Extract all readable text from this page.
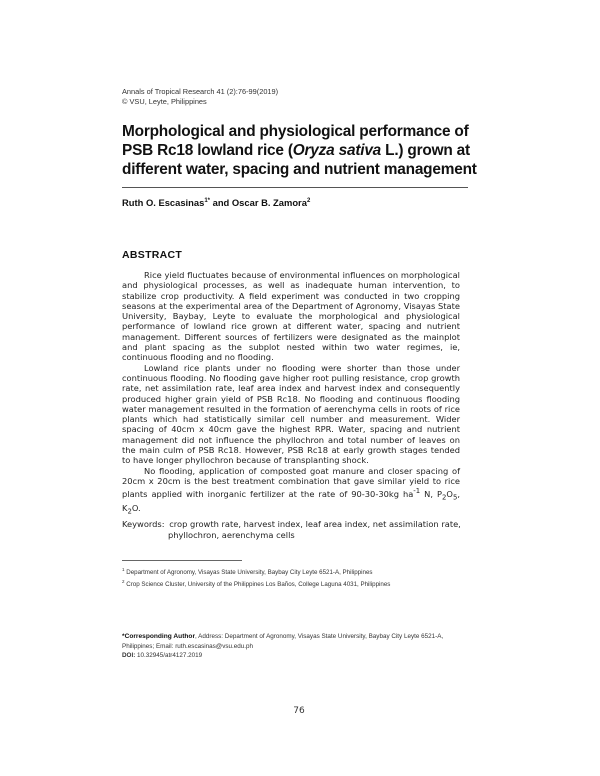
Annals of Tropical Research 41 (2):76-99(2019)
© VSU, Leyte, Philippines
Morphological and physiological performance of PSB Rc18 lowland rice (Oryza sativa L.) grown at different water, spacing and nutrient management
Ruth O. Escasinas$^{1*}$ and Oscar B. Zamora$^2$
ABSTRACT

Rice yield fluctuates because of environmental influences on morphological and physiological processes, as well as inadequate human intervention, to stabilize crop productivity. A field experiment was conducted in two cropping seasons at the experimental area of the Department of Agronomy, Visayas State University, Baybay, Leyte to evaluate the morphological and physiological performance of lowland rice grown at different water, spacing and nutrient management. Different sources of fertilizers were designated as the mainplot and plant spacing as the subplot nested within two water regimes, ie, continuous flooding and no flooding.

Lowland rice plants under no flooding were shorter than those under continuous flooding. No flooding gave higher root pulling resistance, crop growth rate, net assimilation rate, leaf area index and harvest index and consequently produced higher grain yield of PSB Rc18. No flooding and continuous flooding water management resulted in the formation of aerenchyma cells in roots of rice plants which had statistically similar cell number and measurement. Wider spacing of 40cm x 40cm gave the highest RPR. Water, spacing and nutrient management did not influence the phyllochron and total number of leaves on the main culm of PSB Rc18. However, PSB Rc18 at early growth stages tended to have longer phyllochron because of transplanting shock.

No flooding, application of composted goat manure and closer spacing of 20cm x 20cm is the best treatment combination that gave similar yield to rice plants applied with inorganic fertilizer at the rate of 90-30-30kg $ha^{-1}$ N, $P_2O_5$, $K_2O$.

Keywords: crop growth rate, harvest index, leaf area index, net assimilation rate,
phyllochron, aerenchyma cells
$^1$ Department of Agronomy, Visayas State University, Baybay City Leyte 6521-A, Philippines
$^2$ Crop Science Cluster, University of the Philippines Los Baños, College Laguna 4031, Philippines
*Corresponding Author, Address: Department of Agronomy, Visayas State University, Baybay City Leyte 6521-A, Philippines; Email: ruth.escasinas@vsu.edu.ph
DOI: 10.32945/atr4127.2019
76
